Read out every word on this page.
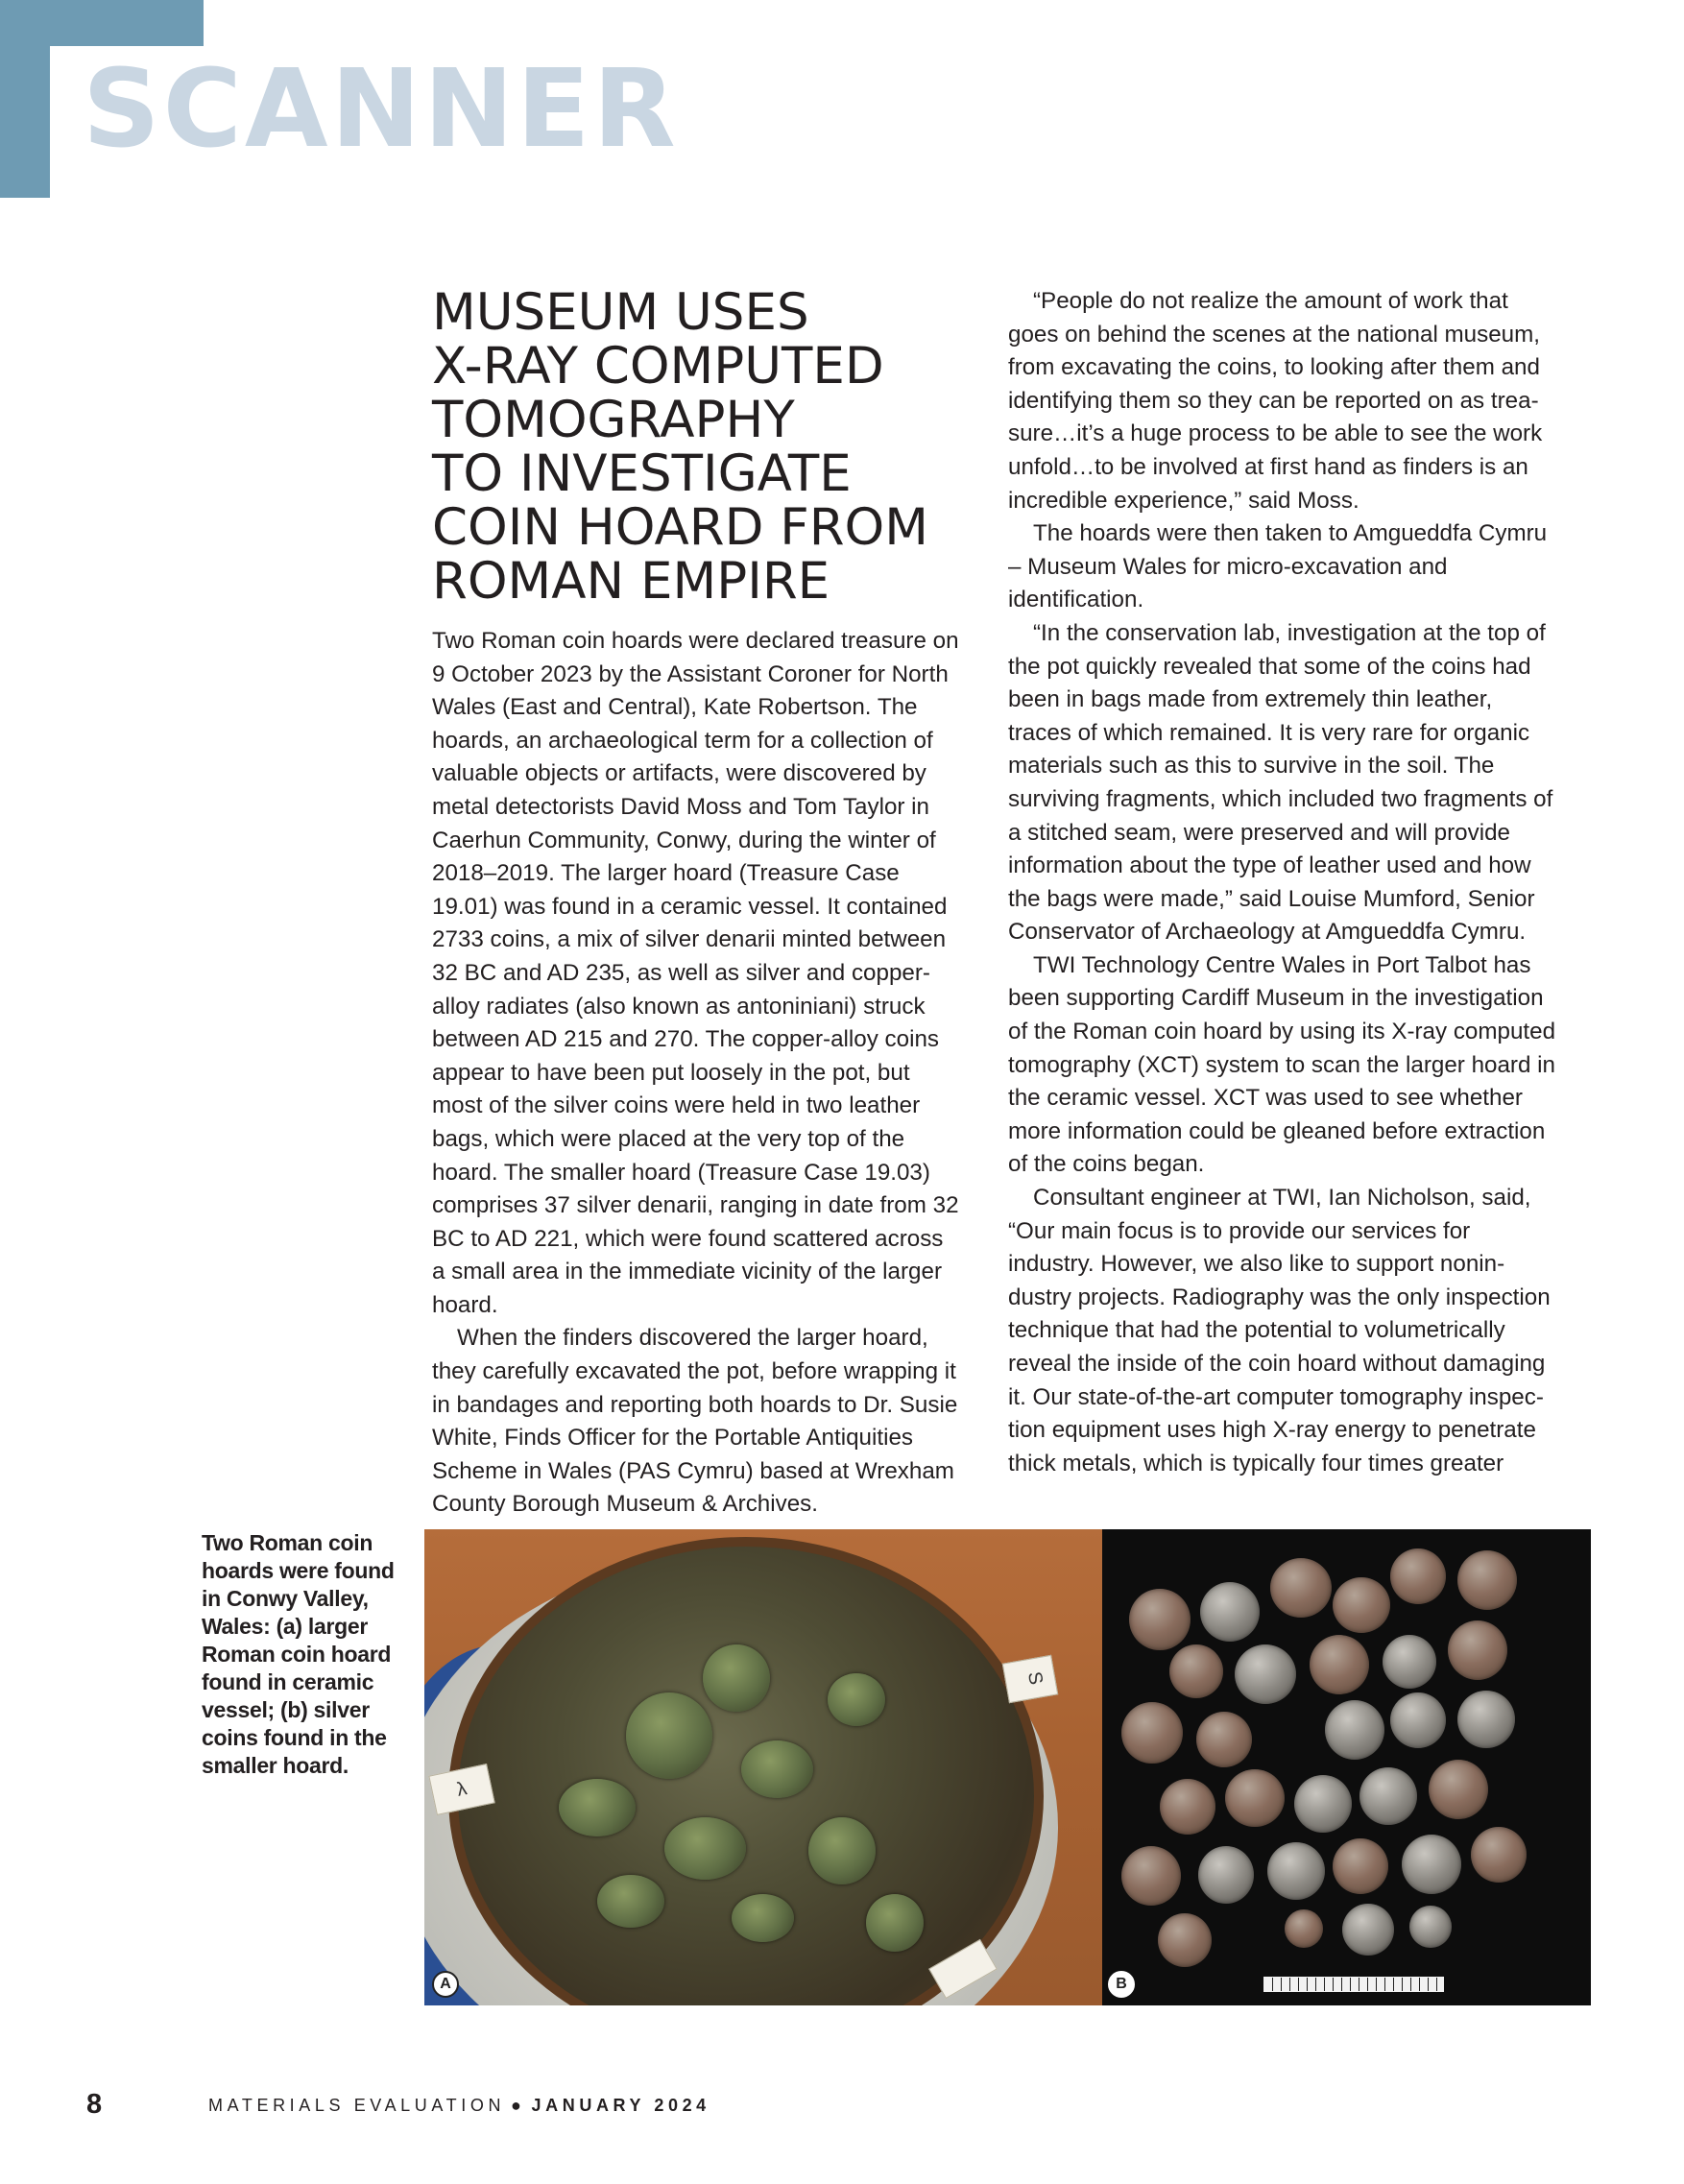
SCANNER
MUSEUM USES
X-RAY COMPUTED
TOMOGRAPHY
TO INVESTIGATE
COIN HOARD FROM
ROMAN EMPIRE

Two Roman coin hoards were declared treasure on 9 October 2023 by the Assistant Coroner for North Wales (East and Central), Kate Robertson. The hoards, an archaeological term for a collection of valuable objects or artifacts, were discovered by metal detectorists David Moss and Tom Taylor in Caerhun Community, Conwy, during the winter of 2018–2019. The larger hoard (Treasure Case 19.01) was found in a ceramic vessel. It contained 2733 coins, a mix of silver denarii minted between 32 BC and AD 235, as well as silver and copper-alloy radiates (also known as antoniniani) struck between AD 215 and 270. The copper-alloy coins appear to have been put loosely in the pot, but most of the silver coins were held in two leather bags, which were placed at the very top of the hoard. The smaller hoard (Treasure Case 19.03) comprises 37 silver denarii, ranging in date from 32 BC to AD 221, which were found scattered across a small area in the immediate vicinity of the larger hoard.

When the finders discovered the larger hoard, they carefully excavated the pot, before wrapping it in bandages and reporting both hoards to Dr. Susie White, Finds Officer for the Portable Antiquities Scheme in Wales (PAS Cymru) based at Wrexham County Borough Museum & Archives.

“People do not realize the amount of work that goes on behind the scenes at the national museum, from excavating the coins, to looking after them and identifying them so they can be reported on as treasure…it’s a huge process to be able to see the work unfold…to be involved at first hand as finders is an incredible experience,” said Moss.

The hoards were then taken to Amgueddfa Cymru – Museum Wales for micro-excavation and identification.

“In the conservation lab, investigation at the top of the pot quickly revealed that some of the coins had been in bags made from extremely thin leather, traces of which remained. It is very rare for organic materials such as this to survive in the soil. The surviving fragments, which included two fragments of a stitched seam, were preserved and will provide information about the type of leather used and how the bags were made,” said Louise Mumford, Senior Conservator of Archaeology at Amgueddfa Cymru.

TWI Technology Centre Wales in Port Talbot has been supporting Cardiff Museum in the investigation of the Roman coin hoard by using its X-ray computed tomography (XCT) system to scan the larger hoard in the ceramic vessel. XCT was used to see whether more information could be gleaned before extraction of the coins began.

Consultant engineer at TWI, Ian Nicholson, said, “Our main focus is to provide our services for industry. However, we also like to support nonindustry projects. Radiography was the only inspection technique that had the potential to volumetrically reveal the inside of the coin hoard without damaging it. Our state-of-the-art computer tomography inspection equipment uses high X-ray energy to penetrate thick metals, which is typically four times greater

Two Roman coin hoards were found in Conwy Valley, Wales: (a) larger Roman coin hoard found in ceramic vessel; (b) silver coins found in the smaller hoard.

λ
S
A	B

8	MATERIALS EVALUATION ● JANUARY 2024
